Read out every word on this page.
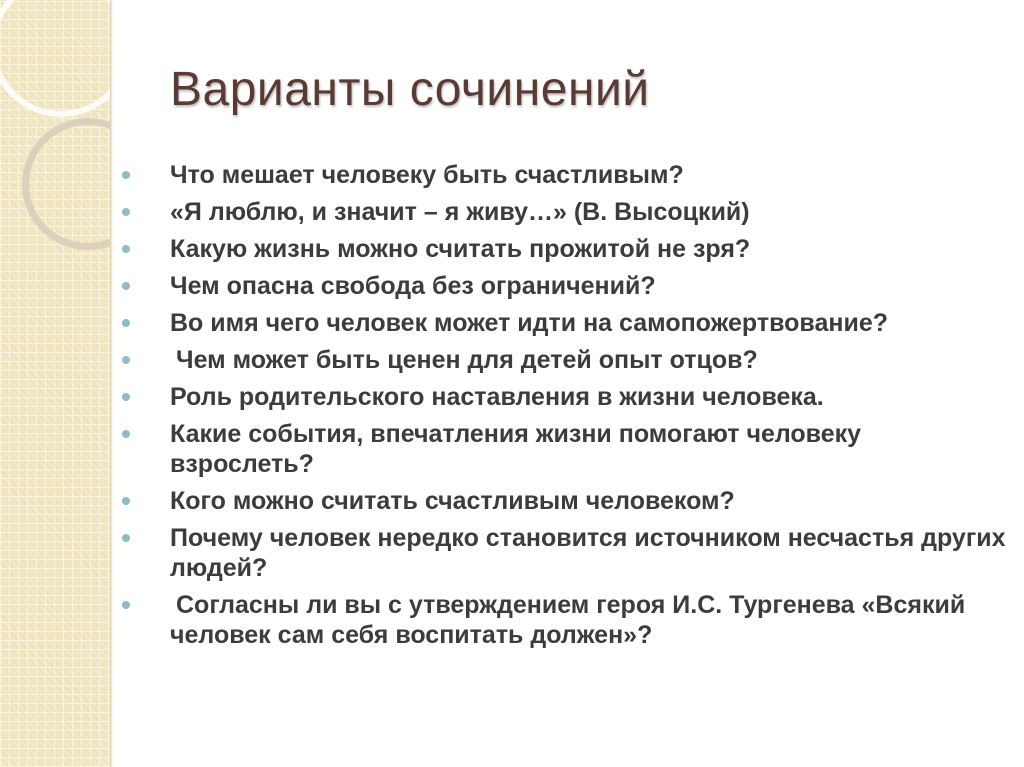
Варианты сочинений
Что мешает человеку быть счастливым?
«Я люблю, и значит – я живу…» (В. Высоцкий)
Какую жизнь можно считать прожитой не зря?
Чем опасна свобода без ограничений?
Во имя чего человек может идти на самопожертвование?
Чем может быть ценен для детей опыт отцов?
Роль родительского наставления в жизни человека.
Какие события, впечатления жизни помогают человеку взрослеть?
Кого можно считать счастливым человеком?
Почему человек нередко становится источником несчастья других людей?
Согласны ли вы с утверждением героя И.С. Тургенева «Всякий человек сам себя воспитать должен»?
